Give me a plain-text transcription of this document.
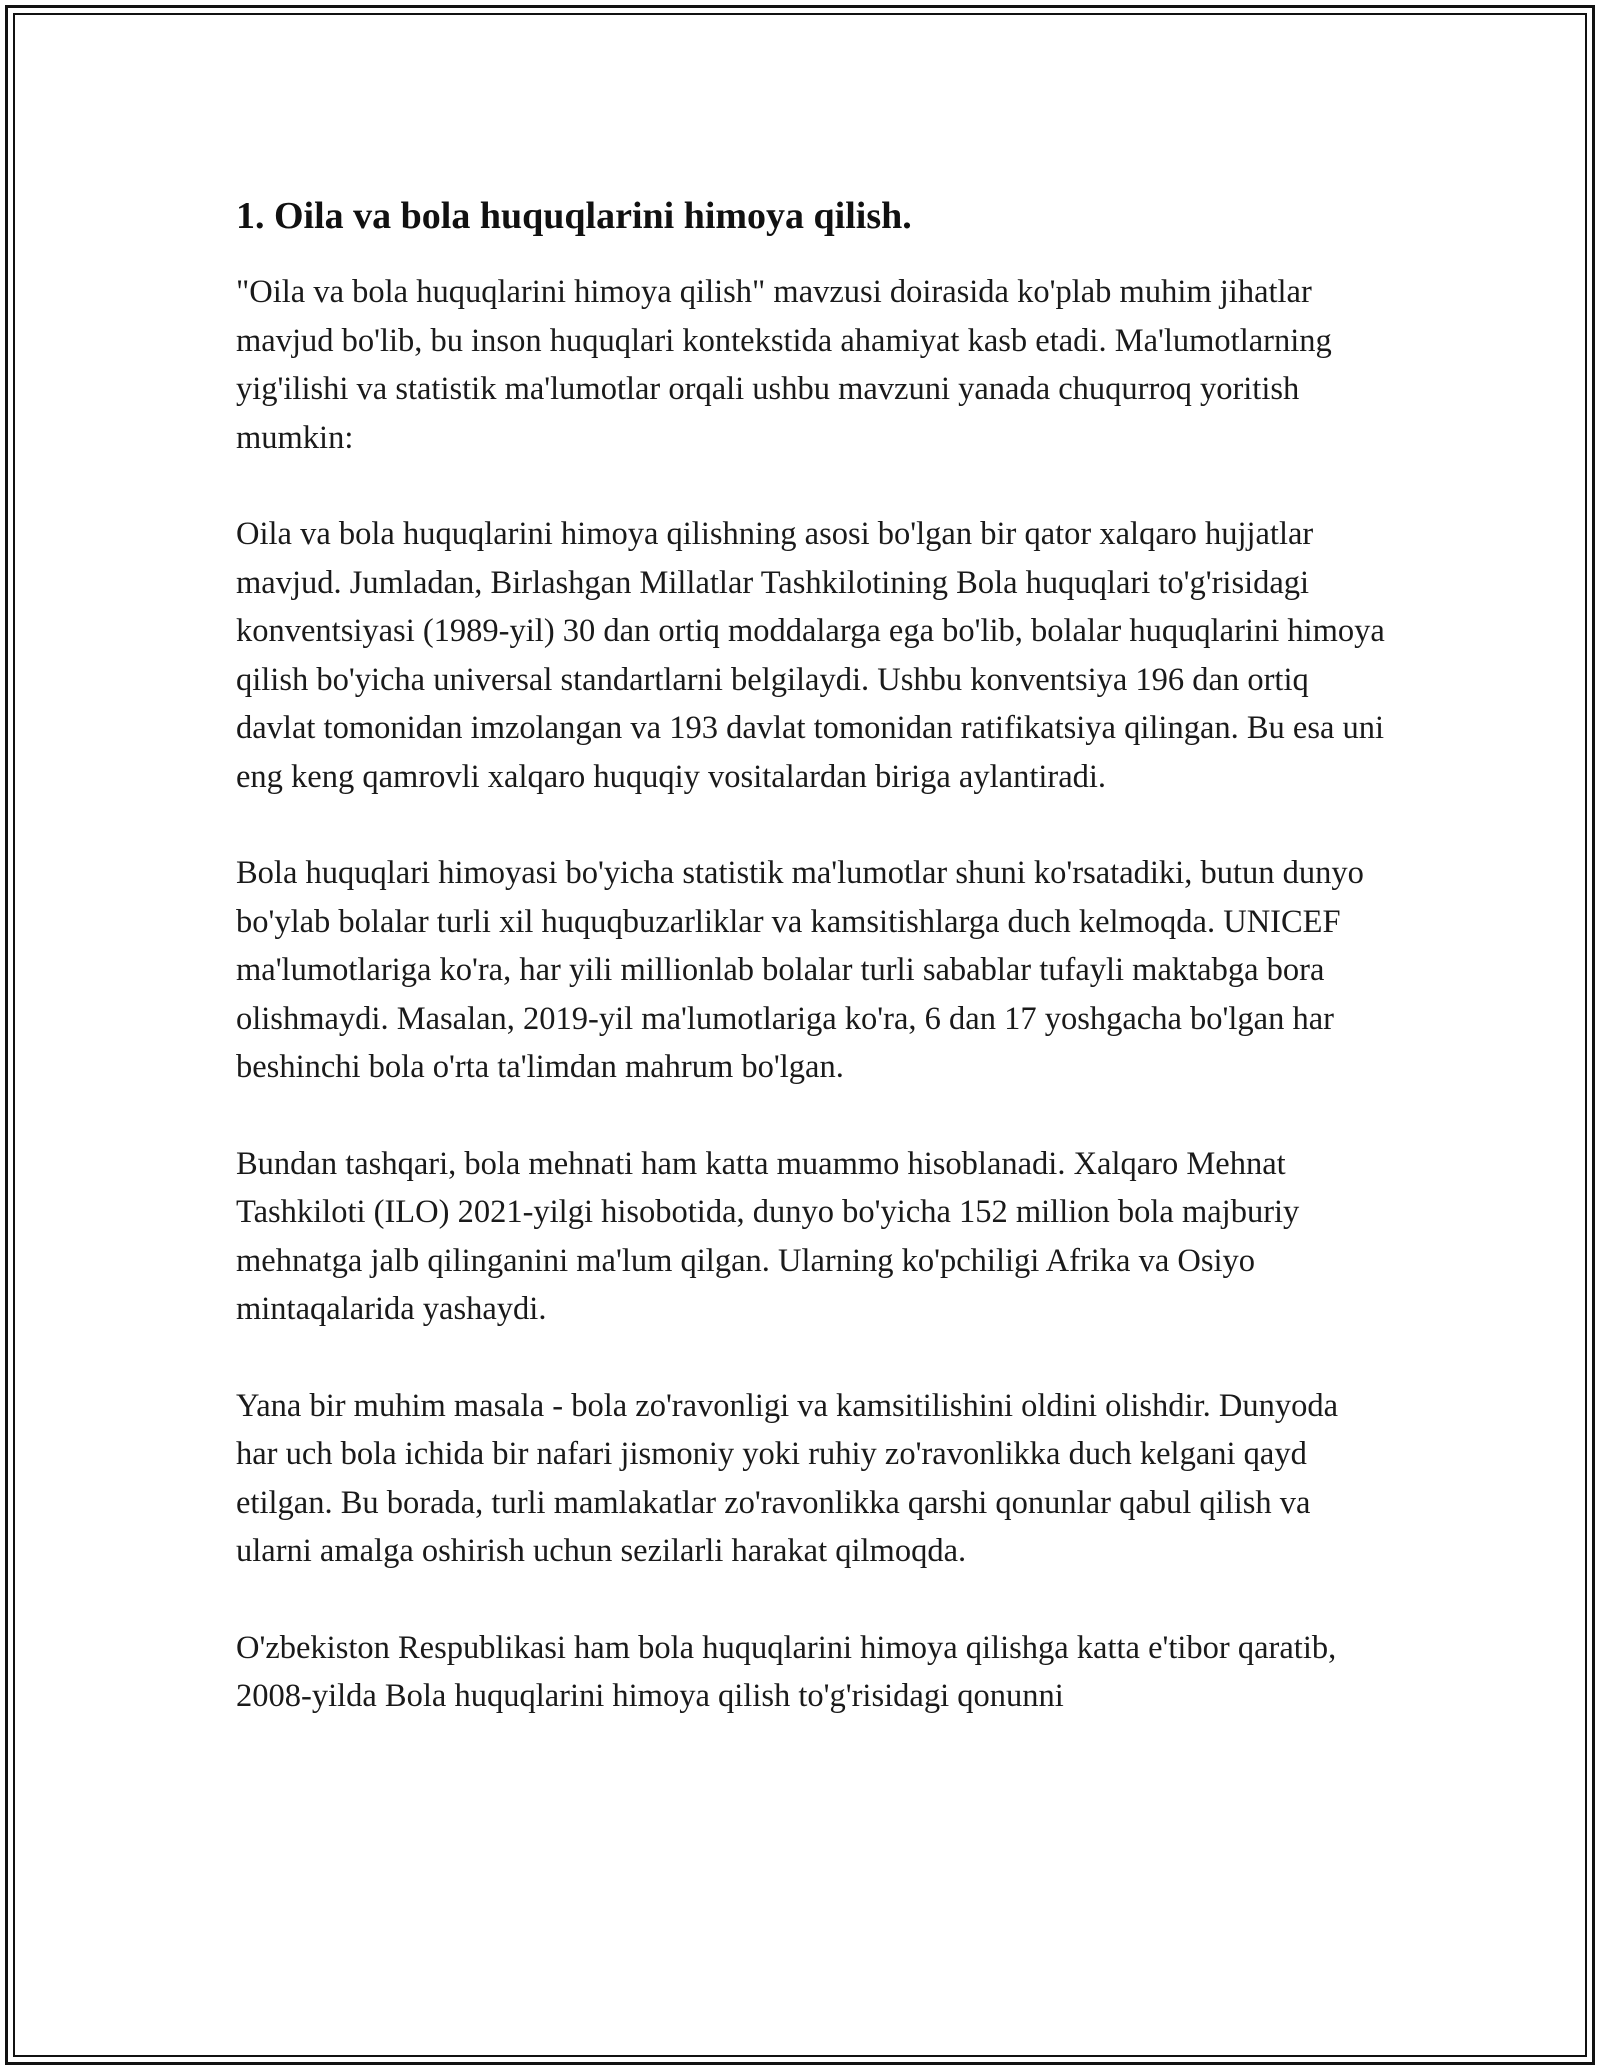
1. Oila va bola huquqlarini himoya qilish.

"Oila va bola huquqlarini himoya qilish" mavzusi doirasida ko'plab muhim jihatlar mavjud bo'lib, bu inson huquqlari kontekstida ahamiyat kasb etadi. Ma'lumotlarning yig'ilishi va statistik ma'lumotlar orqali ushbu mavzuni yanada chuqurroq yoritish mumkin:

Oila va bola huquqlarini himoya qilishning asosi bo'lgan bir qator xalqaro hujjatlar mavjud. Jumladan, Birlashgan Millatlar Tashkilotining Bola huquqlari to'g'risidagi konventsiyasi (1989-yil) 30 dan ortiq moddalarga ega bo'lib, bolalar huquqlarini himoya qilish bo'yicha universal standartlarni belgilaydi. Ushbu konventsiya 196 dan ortiq davlat tomonidan imzolangan va 193 davlat tomonidan ratifikatsiya qilingan. Bu esa uni eng keng qamrovli xalqaro huquqiy vositalardan biriga aylantiradi.

Bola huquqlari himoyasi bo'yicha statistik ma'lumotlar shuni ko'rsatadiki, butun dunyo bo'ylab bolalar turli xil huquqbuzarliklar va kamsitishlarga duch kelmoqda. UNICEF ma'lumotlariga ko'ra, har yili millionlab bolalar turli sabablar tufayli maktabga bora olishmaydi. Masalan, 2019-yil ma'lumotlariga ko'ra, 6 dan 17 yoshgacha bo'lgan har beshinchi bola o'rta ta'limdan mahrum bo'lgan.

Bundan tashqari, bola mehnati ham katta muammo hisoblanadi. Xalqaro Mehnat Tashkiloti (ILO) 2021-yilgi hisobotida, dunyo bo'yicha 152 million bola majburiy mehnatga jalb qilinganini ma'lum qilgan. Ularning ko'pchiligi Afrika va Osiyo mintaqalarida yashaydi.

Yana bir muhim masala - bola zo'ravonligi va kamsitilishini oldini olishdir. Dunyoda har uch bola ichida bir nafari jismoniy yoki ruhiy zo'ravonlikka duch kelgani qayd etilgan. Bu borada, turli mamlakatlar zo'ravonlikka qarshi qonunlar qabul qilish va ularni amalga oshirish uchun sezilarli harakat qilmoqda.

O'zbekiston Respublikasi ham bola huquqlarini himoya qilishga katta e'tibor qaratib, 2008-yilda Bola huquqlarini himoya qilish to'g'risidagi qonunni
